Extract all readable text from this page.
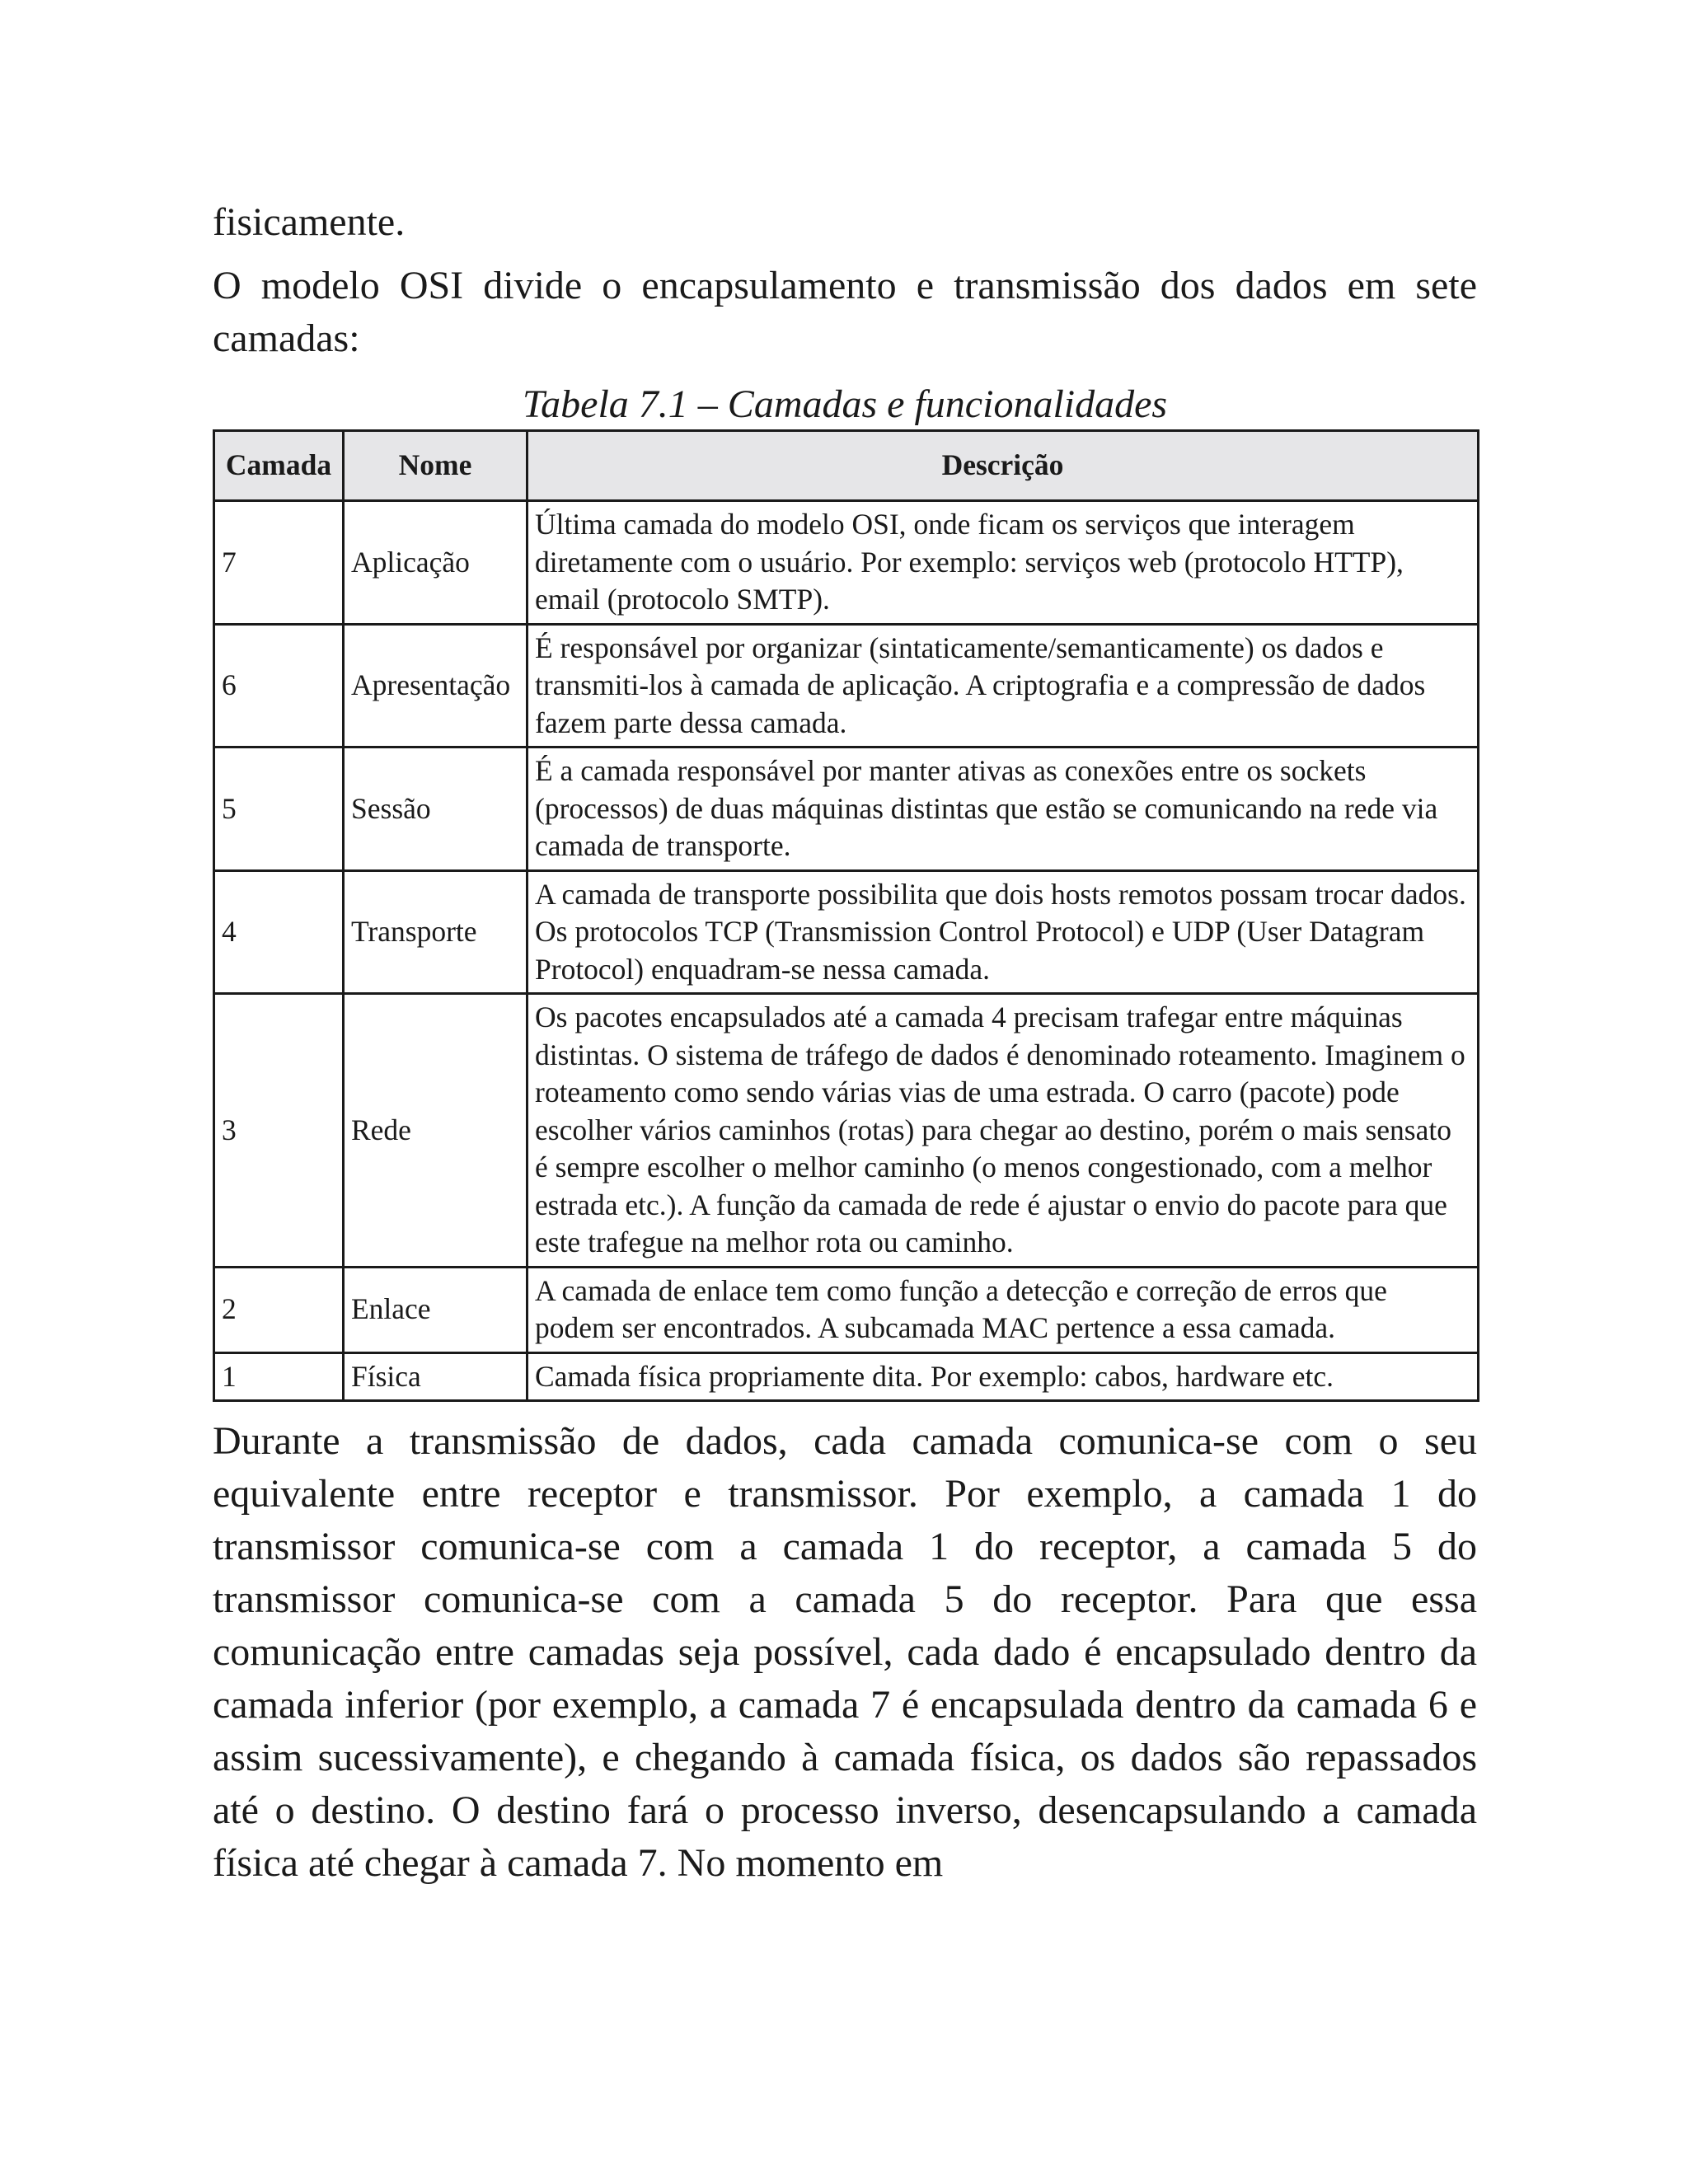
fisicamente.

O modelo OSI divide o encapsulamento e transmissão dos dados em sete camadas:

Tabela 7.1 – Camadas e funcionalidades
Camada	Nome	Descrição
7	Aplicação	Última camada do modelo OSI, onde ficam os serviços que interagem diretamente com o usuário. Por exemplo: serviços web (protocolo HTTP), email (protocolo SMTP).
6	Apresentação	É responsável por organizar (sintaticamente/semanticamente) os dados e transmiti-los à camada de aplicação. A criptografia e a compressão de dados fazem parte dessa camada.
5	Sessão	É a camada responsável por manter ativas as conexões entre os sockets (processos) de duas máquinas distintas que estão se comunicando na rede via camada de transporte.
4	Transporte	A camada de transporte possibilita que dois hosts remotos possam trocar dados. Os protocolos TCP (Transmission Control Protocol) e UDP (User Datagram Protocol) enquadram-se nessa camada.
3	Rede	Os pacotes encapsulados até a camada 4 precisam trafegar entre máquinas distintas. O sistema de tráfego de dados é denominado roteamento. Imaginem o roteamento como sendo várias vias de uma estrada. O carro (pacote) pode escolher vários caminhos (rotas) para chegar ao destino, porém o mais sensato é sempre escolher o melhor caminho (o menos congestionado, com a melhor estrada etc.). A função da camada de rede é ajustar o envio do pacote para que este trafegue na melhor rota ou caminho.
2	Enlace	A camada de enlace tem como função a detecção e correção de erros que podem ser encontrados. A subcamada MAC pertence a essa camada.
1	Física	Camada física propriamente dita. Por exemplo: cabos, hardware etc.

Durante a transmissão de dados, cada camada comunica-se com o seu equivalente entre receptor e transmissor. Por exemplo, a camada 1 do transmissor comunica-se com a camada 1 do receptor, a camada 5 do transmissor comunica-se com a camada 5 do receptor. Para que essa comunicação entre camadas seja possível, cada dado é encapsulado dentro da camada inferior (por exemplo, a camada 7 é encapsulada dentro da camada 6 e assim sucessivamente), e chegando à camada física, os dados são repassados até o destino. O destino fará o processo inverso, desencapsulando a camada física até chegar à camada 7. No momento em
